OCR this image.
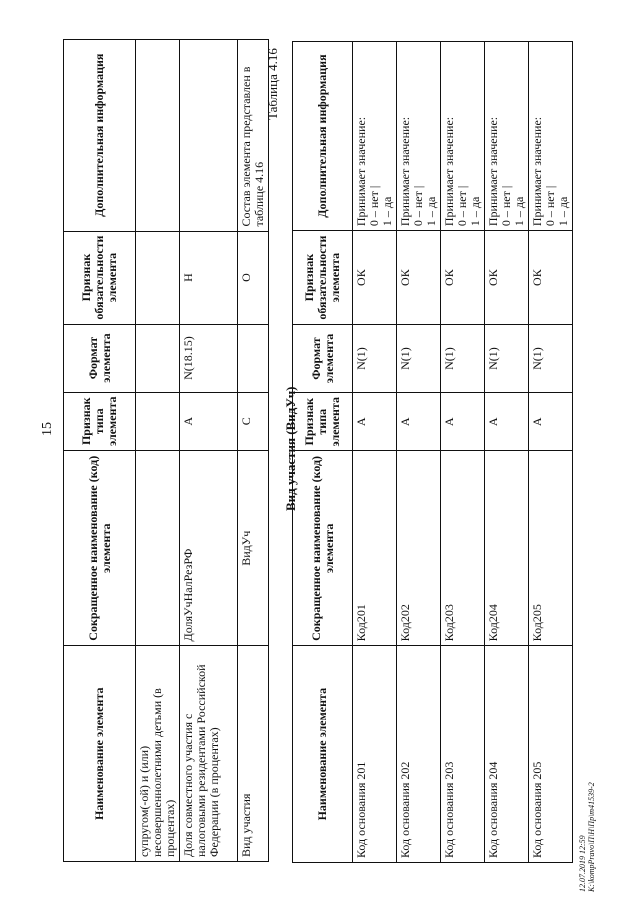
15
Наименование элемента	Сокращенное наименование (код) элемента	Признак типа элемента	Формат элемента	Признак обязательности элемента	Дополнительная информация
супругом(-ой) и (или) несовершеннолетними детьми (в процентах)					
Доля совместного участия с налоговыми резидентами Российской Федерации (в процентах)	ДоляУчНалРезРФ	А	N(18.15)	Н	
Вид участия	ВидУч	С		О	Состав элемента представлен в таблице 4.16
Таблица 4.16
Вид участия (ВидУч)
Наименование элемента	Сокращенное наименование (код) элемента	Признак типа элемента	Формат элемента	Признак обязательности элемента	Дополнительная информация
Код основания 201	Код201	А	N(1)	ОК	Принимает значение: 0 – нет | 1 – да

Код основания 202	Код202	А	N(1)	ОК	Принимает значение: 0 – нет | 1 – да

Код основания 203	Код203	А	N(1)	ОК	Принимает значение: 0 – нет | 1 – да

Код основания 204	Код204	А	N(1)	ОК	Принимает значение: 0 – нет | 1 – да

Код основания 205	Код205	А	N(1)	ОК	Принимает значение: 0 – нет | 1 – да
12.07.2019 12:59 К:\kompPravo\П\Н\Пр\т41539-2
